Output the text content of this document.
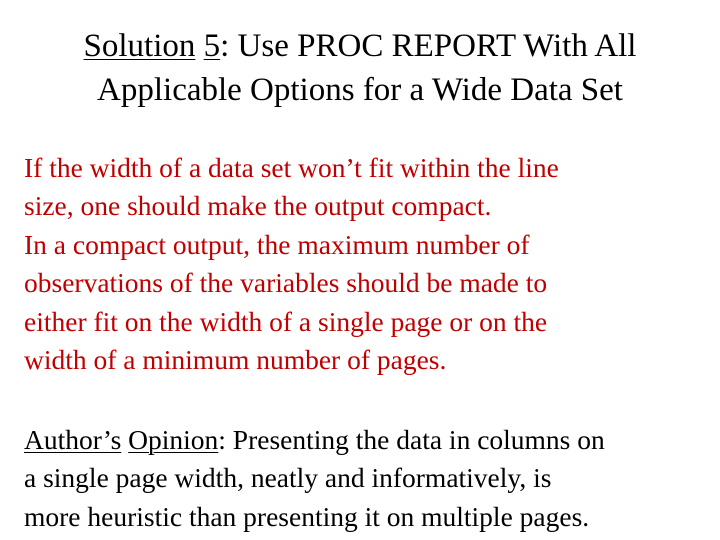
Solution 5: Use PROC REPORT With All
Applicable Options for a Wide Data Set
If the width of a data set won’t fit within the line
size, one should make the output compact.
In a compact output, the maximum number of
observations of the variables should be made to
either fit on the width of a single page or on the
width of a minimum number of pages.
Author’s Opinion: Presenting the data in columns on
a single page width, neatly and informatively, is
more heuristic than presenting it on multiple pages.
